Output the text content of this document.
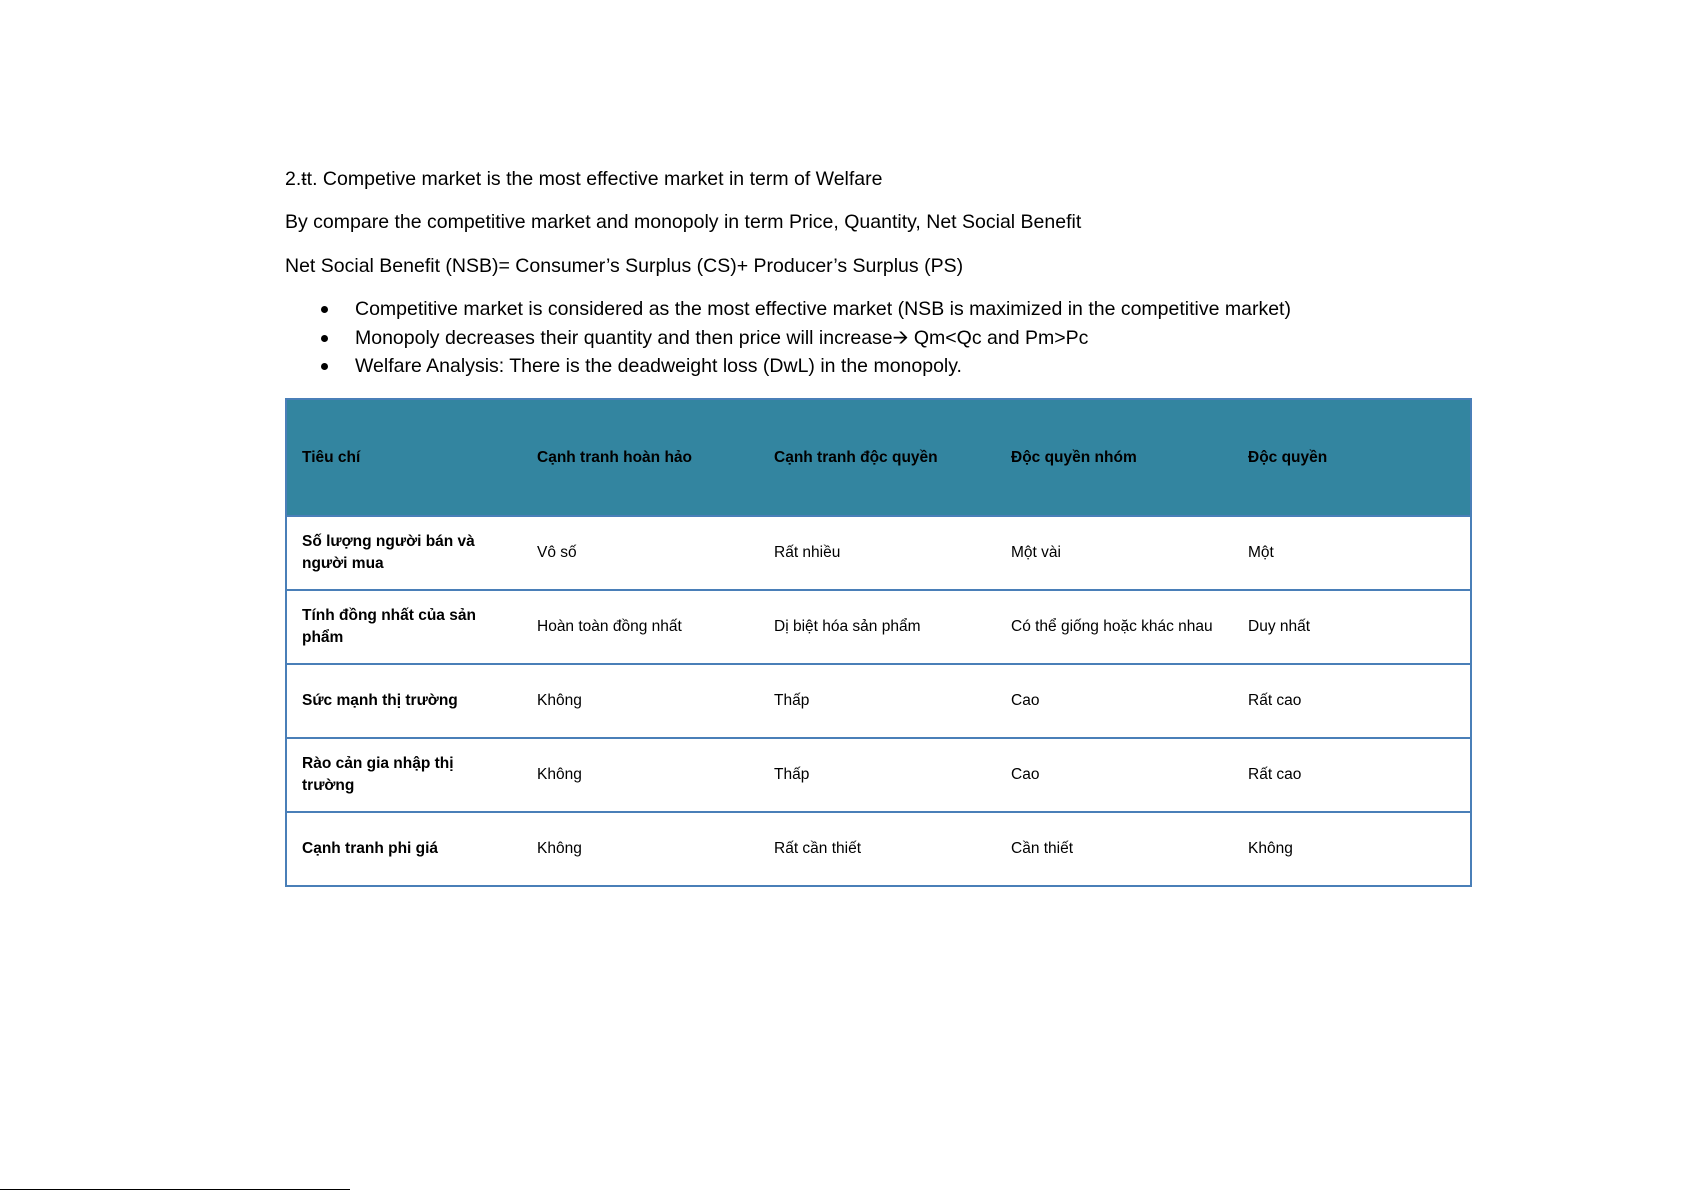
2.ŧt. Competive market is the most effective market in term of Welfare
By compare the competitive market and monopoly in term Price, Quantity, Net Social Benefit
Net Social Benefit (NSB)= Consumer’s Surplus (CS)+ Producer’s Surplus (PS)
Competitive market is considered as the most effective market (NSB is maximized in the competitive market)
Monopoly decreases their quantity and then price will increase🡪 Qm<Qc and Pm>Pc
Welfare Analysis: There is the deadweight loss (DwL) in the monopoly.
Tiêu chí	Cạnh tranh hoàn hảo	Cạnh tranh độc quyền	Độc quyền nhóm	Độc quyền
Số lượng người bán và người mua	Vô số	Rất nhiều	Một vài	Một
Tính đồng nhất của sản phẩm	Hoàn toàn đồng nhất	Dị biệt hóa sản phẩm	Có thể giống hoặc khác nhau	Duy nhất
Sức mạnh thị trường	Không	Thấp	Cao	Rất cao
Rào cản gia nhập thị trường	Không	Thấp	Cao	Rất cao
Cạnh tranh phi giá	Không	Rất cần thiết	Cần thiết	Không
